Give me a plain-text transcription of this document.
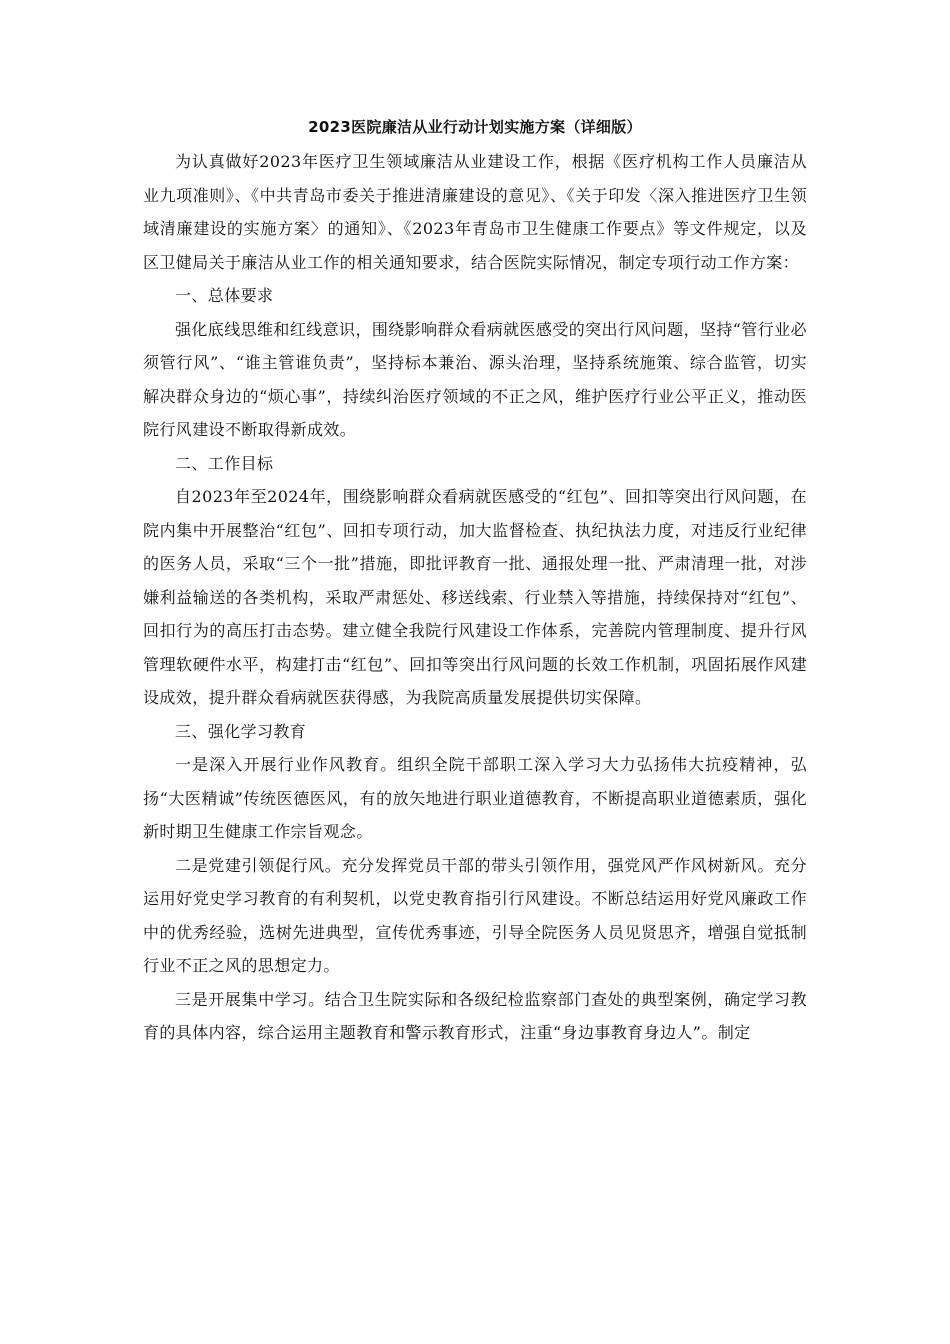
2023医院廉洁从业行动计划实施方案（详细版）

为认真做好2023年医疗卫生领域廉洁从业建设工作，根据《医疗机构工作人员廉洁从业九项准则》、《中共青岛市委关于推进清廉建设的意见》、《关于印发〈深入推进医疗卫生领域清廉建设的实施方案〉的通知》、《2023年青岛市卫生健康工作要点》等文件规定，以及区卫健局关于廉洁从业工作的相关通知要求，结合医院实际情况，制定专项行动工作方案：

一、总体要求

强化底线思维和红线意识，围绕影响群众看病就医感受的突出行风问题，坚持“管行业必须管行风”、“谁主管谁负责”，坚持标本兼治、源头治理，坚持系统施策、综合监管，切实解决群众身边的“烦心事”，持续纠治医疗领域的不正之风，维护医疗行业公平正义，推动医院行风建设不断取得新成效。

二、工作目标

自2023年至2024年，围绕影响群众看病就医感受的“红包”、回扣等突出行风问题，在院内集中开展整治“红包”、回扣专项行动，加大监督检查、执纪执法力度，对违反行业纪律的医务人员，采取“三个一批”措施，即批评教育一批、通报处理一批、严肃清理一批，对涉嫌利益输送的各类机构，采取严肃惩处、移送线索、行业禁入等措施，持续保持对“红包”、回扣行为的高压打击态势。建立健全我院行风建设工作体系，完善院内管理制度、提升行风管理软硬件水平，构建打击“红包”、回扣等突出行风问题的长效工作机制，巩固拓展作风建设成效，提升群众看病就医获得感，为我院高质量发展提供切实保障。

三、强化学习教育

一是深入开展行业作风教育。组织全院干部职工深入学习大力弘扬伟大抗疫精神，弘扬“大医精诚”传统医德医风，有的放矢地进行职业道德教育，不断提高职业道德素质，强化新时期卫生健康工作宗旨观念。

二是党建引领促行风。充分发挥党员干部的带头引领作用，强党风严作风树新风。充分运用好党史学习教育的有利契机，以党史教育指引行风建设。不断总结运用好党风廉政工作中的优秀经验，选树先进典型，宣传优秀事迹，引导全院医务人员见贤思齐，增强自觉抵制行业不正之风的思想定力。

三是开展集中学习。结合卫生院实际和各级纪检监察部门查处的典型案例，确定学习教育的具体内容，综合运用主题教育和警示教育形式，注重“身边事教育身边人”。制定
